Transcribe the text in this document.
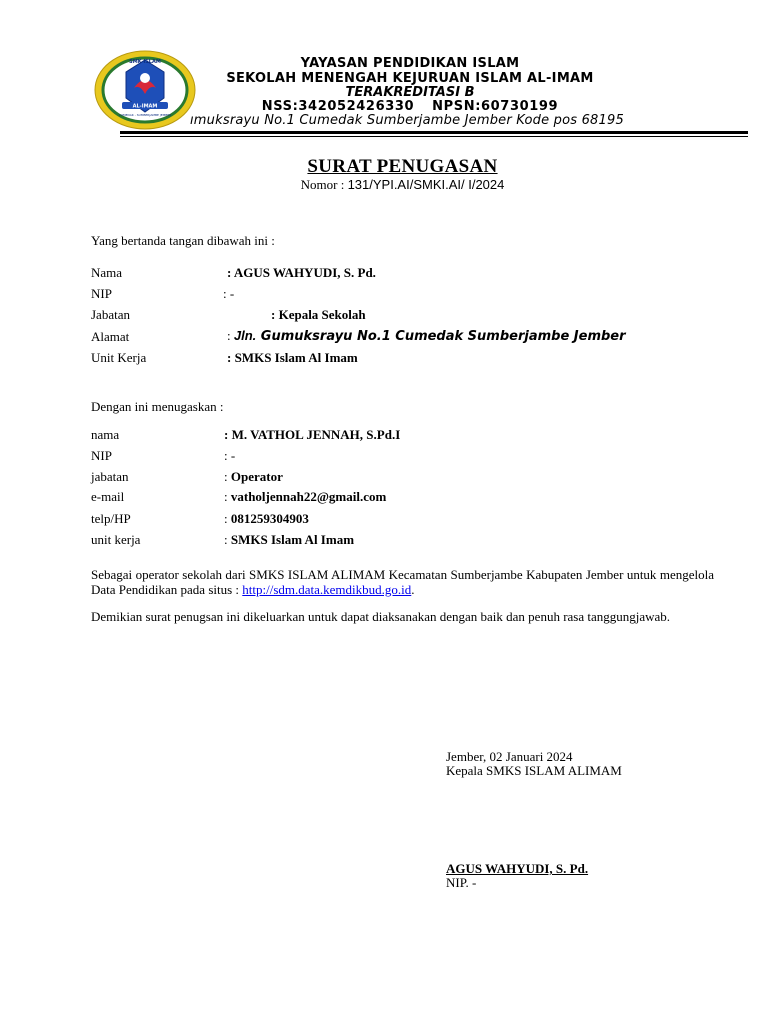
AL-IMAM
SMK ISLAM
CUMEDAK - SUMBERJAMBE JEMBER
YAYASAN PENDIDIKAN ISLAM
SEKOLAH MENENGAH KEJURUAN ISLAM AL-IMAM
TERAKREDITASI B
NSS:342052426330 NPSN:60730199
ımuksrayu No.1 Cumedak Sumberjambe Jember Kode pos 68195
SURAT PENUGASAN
Nomor : 131/YPI.AI/SMKI.AI/ I/2024
Yang bertanda tangan dibawah ini :
Nama	: AGUS WAHYUDI, S. Pd.
NIP	: -
Jabatan	: Kepala Sekolah
Alamat	: Jln. Gumuksrayu No.1 Cumedak Sumberjambe Jember
Unit Kerja	: SMKS Islam Al Imam
Dengan ini menugaskan :
nama	: M. VATHOL JENNAH, S.Pd.I
NIP	: -
jabatan	: Operator
e-mail	: vatholjennah22@gmail.com
telp/HP	: 081259304903
unit kerja	: SMKS Islam Al Imam
Sebagai operator sekolah dari SMKS ISLAM ALIMAM Kecamatan Sumberjambe Kabupaten Jember untuk mengelola Data Pendidikan pada situs : http://sdm.data.kemdikbud.go.id.
Demikian surat penugsan ini dikeluarkan untuk dapat diaksanakan dengan baik dan penuh rasa tanggungjawab.
Jember, 02 Januari 2024
Kepala SMKS ISLAM ALIMAM
AGUS WAHYUDI, S. Pd.
NIP. -
